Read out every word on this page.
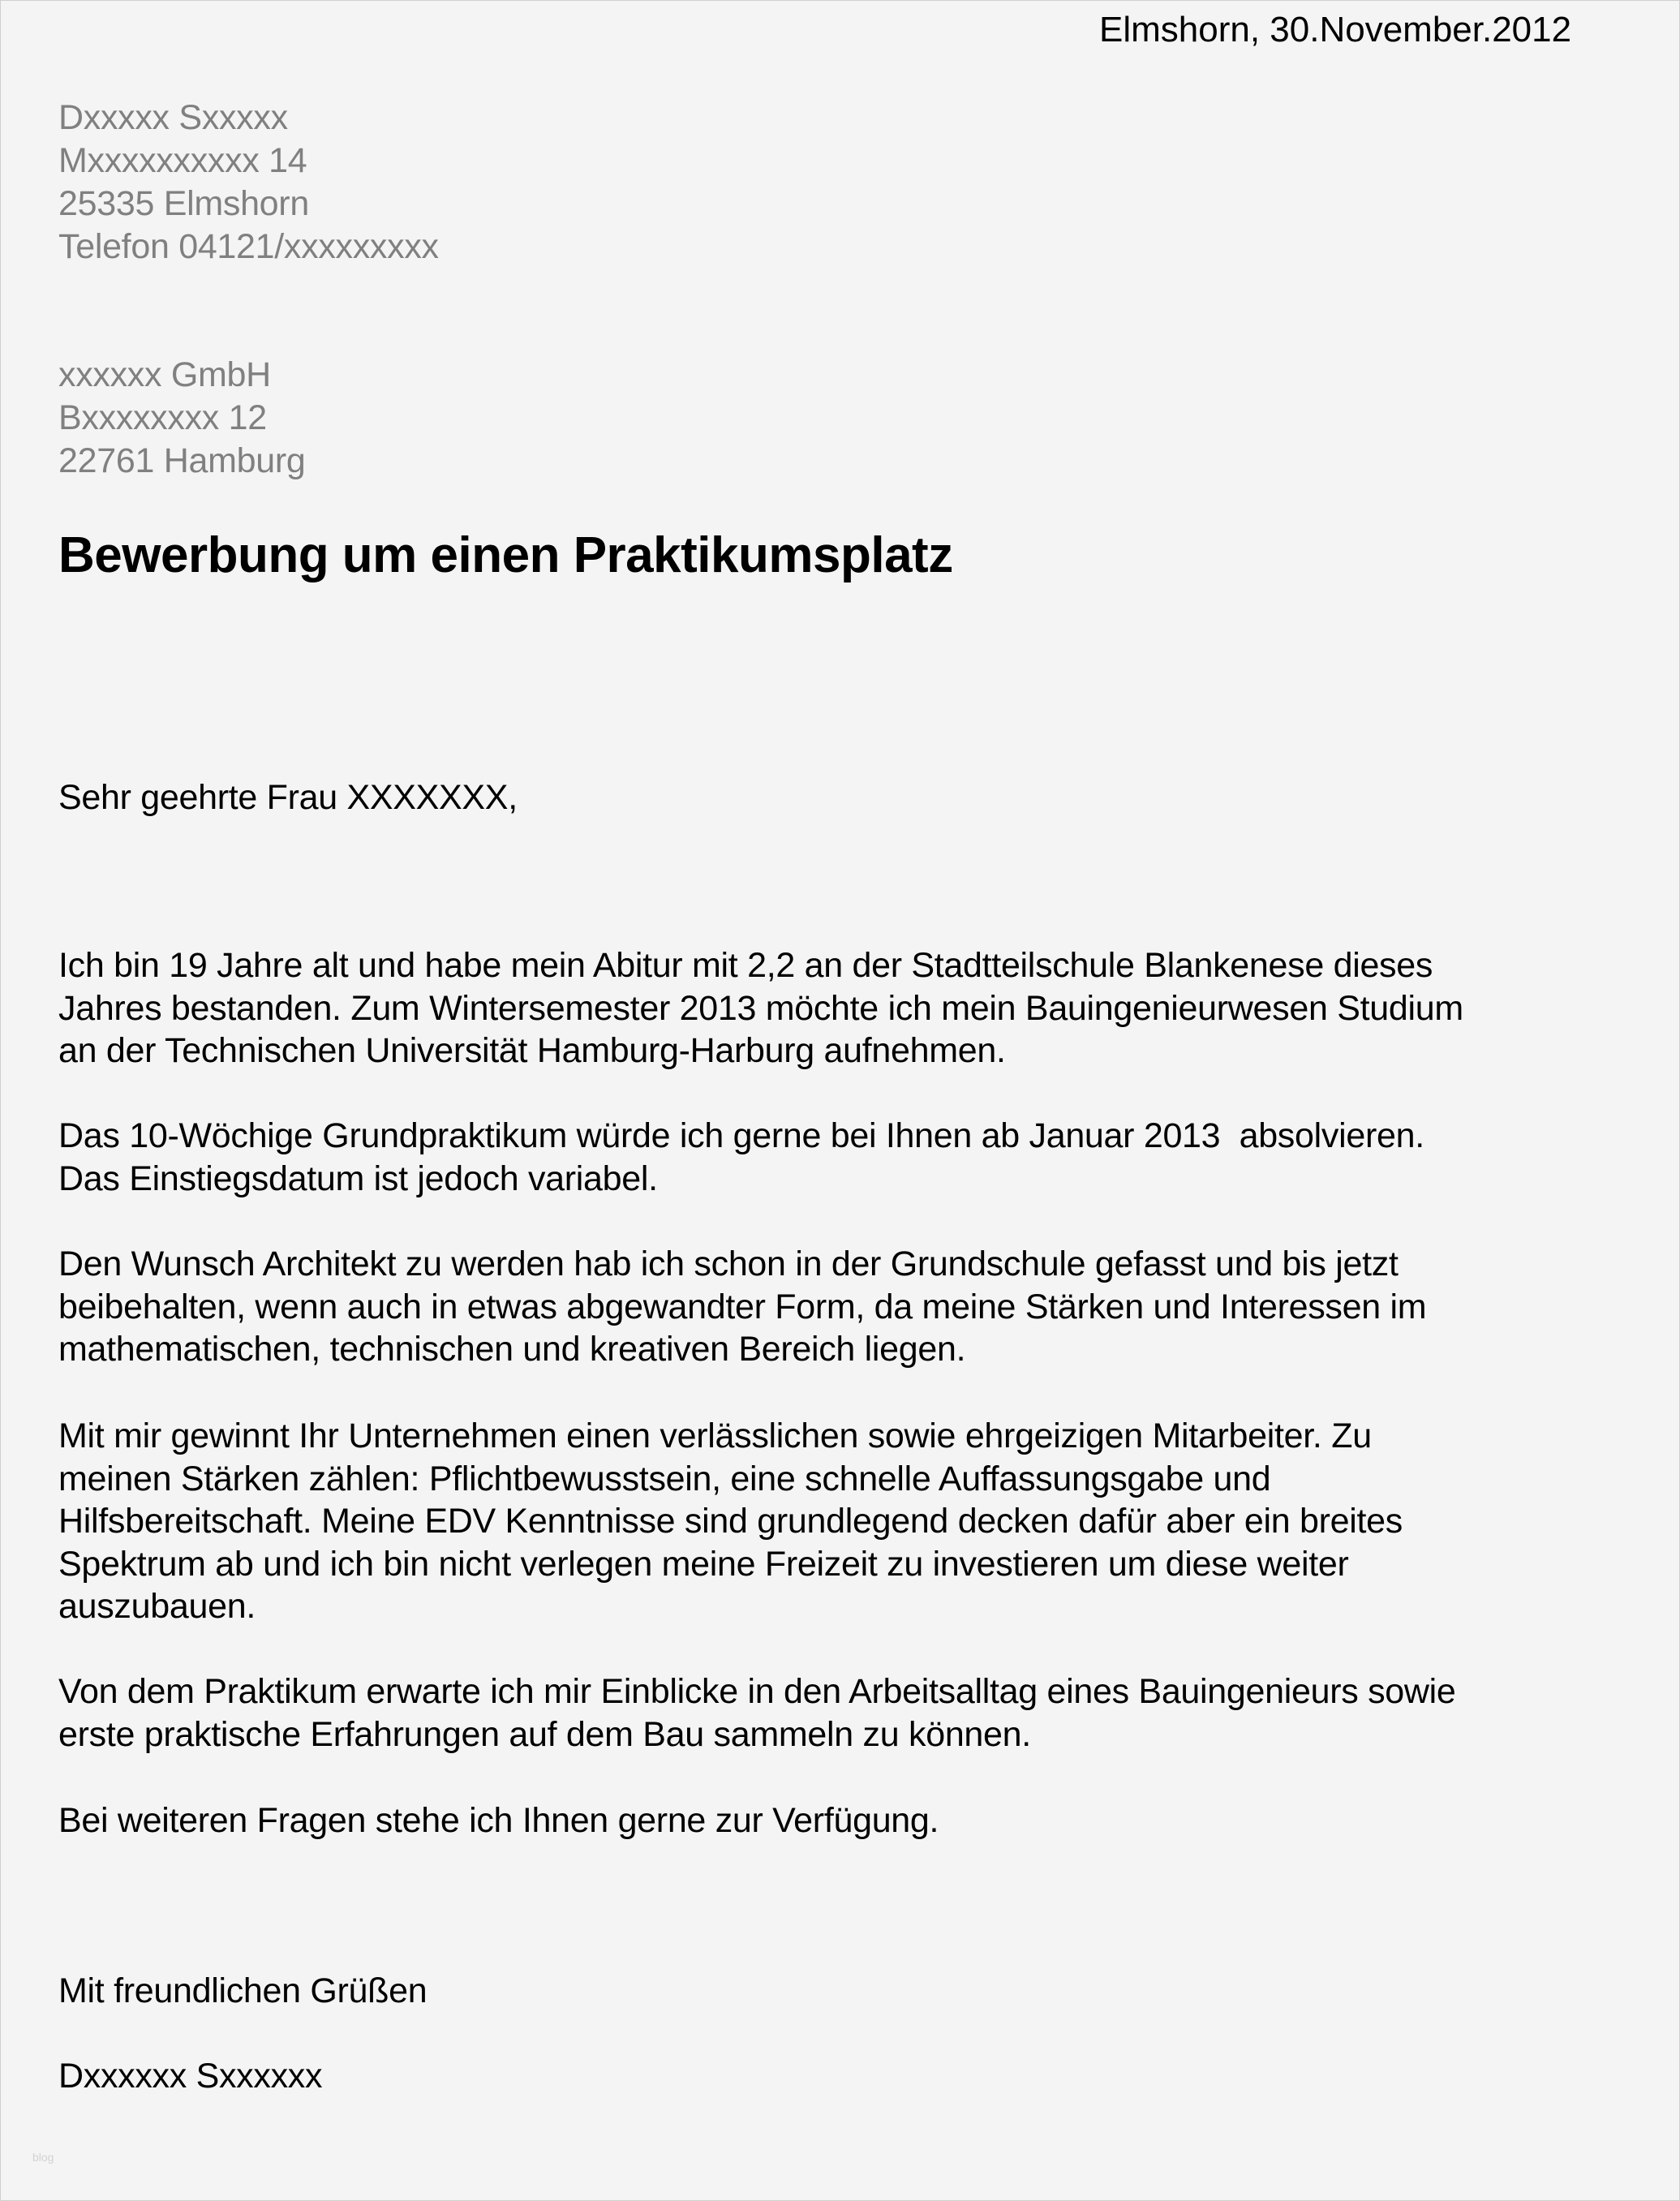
Elmshorn, 30.November.2012
Dxxxxx Sxxxxx
Mxxxxxxxxxx 14
25335 Elmshorn
Telefon 04121/xxxxxxxxx
xxxxxx GmbH
Bxxxxxxxx 12
22761 Hamburg
Bewerbung um einen Praktikumsplatz
Sehr geehrte Frau XXXXXXX,
Ich bin 19 Jahre alt und habe mein Abitur mit 2,2 an der Stadtteilschule Blankenese dieses
Jahres bestanden. Zum Wintersemester 2013 möchte ich mein Bauingenieurwesen Studium
an der Technischen Universität Hamburg-Harburg aufnehmen.
Das 10-Wöchige Grundpraktikum würde ich gerne bei Ihnen ab Januar 2013  absolvieren.
Das Einstiegsdatum ist jedoch variabel.
Den Wunsch Architekt zu werden hab ich schon in der Grundschule gefasst und bis jetzt
beibehalten, wenn auch in etwas abgewandter Form, da meine Stärken und Interessen im
mathematischen, technischen und kreativen Bereich liegen.
Mit mir gewinnt Ihr Unternehmen einen verlässlichen sowie ehrgeizigen Mitarbeiter. Zu
meinen Stärken zählen: Pflichtbewusstsein, eine schnelle Auffassungsgabe und
Hilfsbereitschaft. Meine EDV Kenntnisse sind grundlegend decken dafür aber ein breites
Spektrum ab und ich bin nicht verlegen meine Freizeit zu investieren um diese weiter
auszubauen.
Von dem Praktikum erwarte ich mir Einblicke in den Arbeitsalltag eines Bauingenieurs sowie
erste praktische Erfahrungen auf dem Bau sammeln zu können.
Bei weiteren Fragen stehe ich Ihnen gerne zur Verfügung.
Mit freundlichen Grüßen
Dxxxxxx Sxxxxxx
blog
